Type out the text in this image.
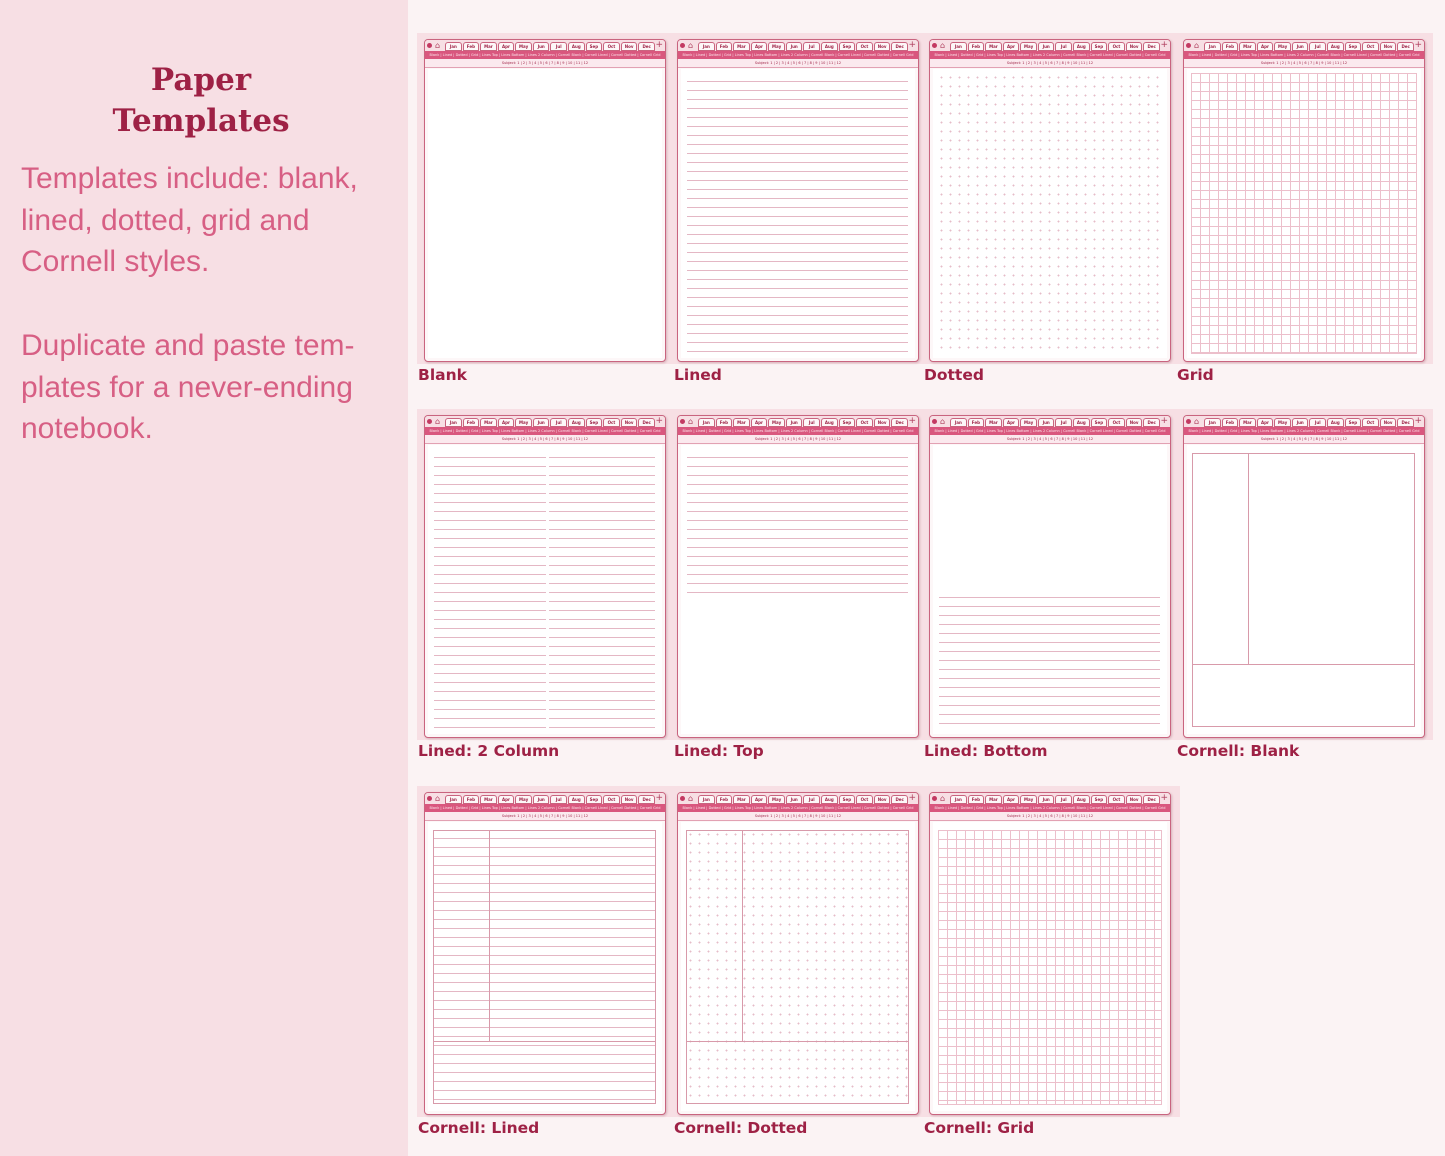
Paper
Templates
Templates include: blank,
lined, dotted, grid and
Cornell styles.
Duplicate and paste tem-
plates for a never-ending
notebook.
⌂	Jan	Feb	Mar	Apr	May	Jun	Jul	Aug	Sep	Oct	Nov	Dec +
Blank | Lined | Dotted | Grid | Lines Top | Lines Bottom | Lines 2 Column | Cornell Blank | Cornell Lined | Cornell Dotted | Cornell Grid
Subject: 1 | 2 | 3 | 4 | 5 | 6 | 7 | 8 | 9 | 10 | 11 | 12
Blank
⌂	Jan	Feb	Mar	Apr	May	Jun	Jul	Aug	Sep	Oct	Nov	Dec +
Blank | Lined | Dotted | Grid | Lines Top | Lines Bottom | Lines 2 Column | Cornell Blank | Cornell Lined | Cornell Dotted | Cornell Grid
Subject: 1 | 2 | 3 | 4 | 5 | 6 | 7 | 8 | 9 | 10 | 11 | 12
Lined
⌂	Jan	Feb	Mar	Apr	May	Jun	Jul	Aug	Sep	Oct	Nov	Dec +
Blank | Lined | Dotted | Grid | Lines Top | Lines Bottom | Lines 2 Column | Cornell Blank | Cornell Lined | Cornell Dotted | Cornell Grid
Subject: 1 | 2 | 3 | 4 | 5 | 6 | 7 | 8 | 9 | 10 | 11 | 12
Dotted
⌂	Jan	Feb	Mar	Apr	May	Jun	Jul	Aug	Sep	Oct	Nov	Dec +
Blank | Lined | Dotted | Grid | Lines Top | Lines Bottom | Lines 2 Column | Cornell Blank | Cornell Lined | Cornell Dotted | Cornell Grid
Subject: 1 | 2 | 3 | 4 | 5 | 6 | 7 | 8 | 9 | 10 | 11 | 12
Grid
⌂	Jan	Feb	Mar	Apr	May	Jun	Jul	Aug	Sep	Oct	Nov	Dec +
Blank | Lined | Dotted | Grid | Lines Top | Lines Bottom | Lines 2 Column | Cornell Blank | Cornell Lined | Cornell Dotted | Cornell Grid
Subject: 1 | 2 | 3 | 4 | 5 | 6 | 7 | 8 | 9 | 10 | 11 | 12
Lined: 2 Column
⌂	Jan	Feb	Mar	Apr	May	Jun	Jul	Aug	Sep	Oct	Nov	Dec +
Blank | Lined | Dotted | Grid | Lines Top | Lines Bottom | Lines 2 Column | Cornell Blank | Cornell Lined | Cornell Dotted | Cornell Grid
Subject: 1 | 2 | 3 | 4 | 5 | 6 | 7 | 8 | 9 | 10 | 11 | 12
Lined: Top
⌂	Jan	Feb	Mar	Apr	May	Jun	Jul	Aug	Sep	Oct	Nov	Dec +
Blank | Lined | Dotted | Grid | Lines Top | Lines Bottom | Lines 2 Column | Cornell Blank | Cornell Lined | Cornell Dotted | Cornell Grid
Subject: 1 | 2 | 3 | 4 | 5 | 6 | 7 | 8 | 9 | 10 | 11 | 12
Lined: Bottom
⌂	Jan	Feb	Mar	Apr	May	Jun	Jul	Aug	Sep	Oct	Nov	Dec +
Blank | Lined | Dotted | Grid | Lines Top | Lines Bottom | Lines 2 Column | Cornell Blank | Cornell Lined | Cornell Dotted | Cornell Grid
Subject: 1 | 2 | 3 | 4 | 5 | 6 | 7 | 8 | 9 | 10 | 11 | 12
Cornell: Blank
⌂	Jan	Feb	Mar	Apr	May	Jun	Jul	Aug	Sep	Oct	Nov	Dec +
Blank | Lined | Dotted | Grid | Lines Top | Lines Bottom | Lines 2 Column | Cornell Blank | Cornell Lined | Cornell Dotted | Cornell Grid
Subject: 1 | 2 | 3 | 4 | 5 | 6 | 7 | 8 | 9 | 10 | 11 | 12
Cornell: Lined
⌂	Jan	Feb	Mar	Apr	May	Jun	Jul	Aug	Sep	Oct	Nov	Dec +
Blank | Lined | Dotted | Grid | Lines Top | Lines Bottom | Lines 2 Column | Cornell Blank | Cornell Lined | Cornell Dotted | Cornell Grid
Subject: 1 | 2 | 3 | 4 | 5 | 6 | 7 | 8 | 9 | 10 | 11 | 12
Cornell: Dotted
⌂	Jan	Feb	Mar	Apr	May	Jun	Jul	Aug	Sep	Oct	Nov	Dec +
Blank | Lined | Dotted | Grid | Lines Top | Lines Bottom | Lines 2 Column | Cornell Blank | Cornell Lined | Cornell Dotted | Cornell Grid
Subject: 1 | 2 | 3 | 4 | 5 | 6 | 7 | 8 | 9 | 10 | 11 | 12
Cornell: Grid
